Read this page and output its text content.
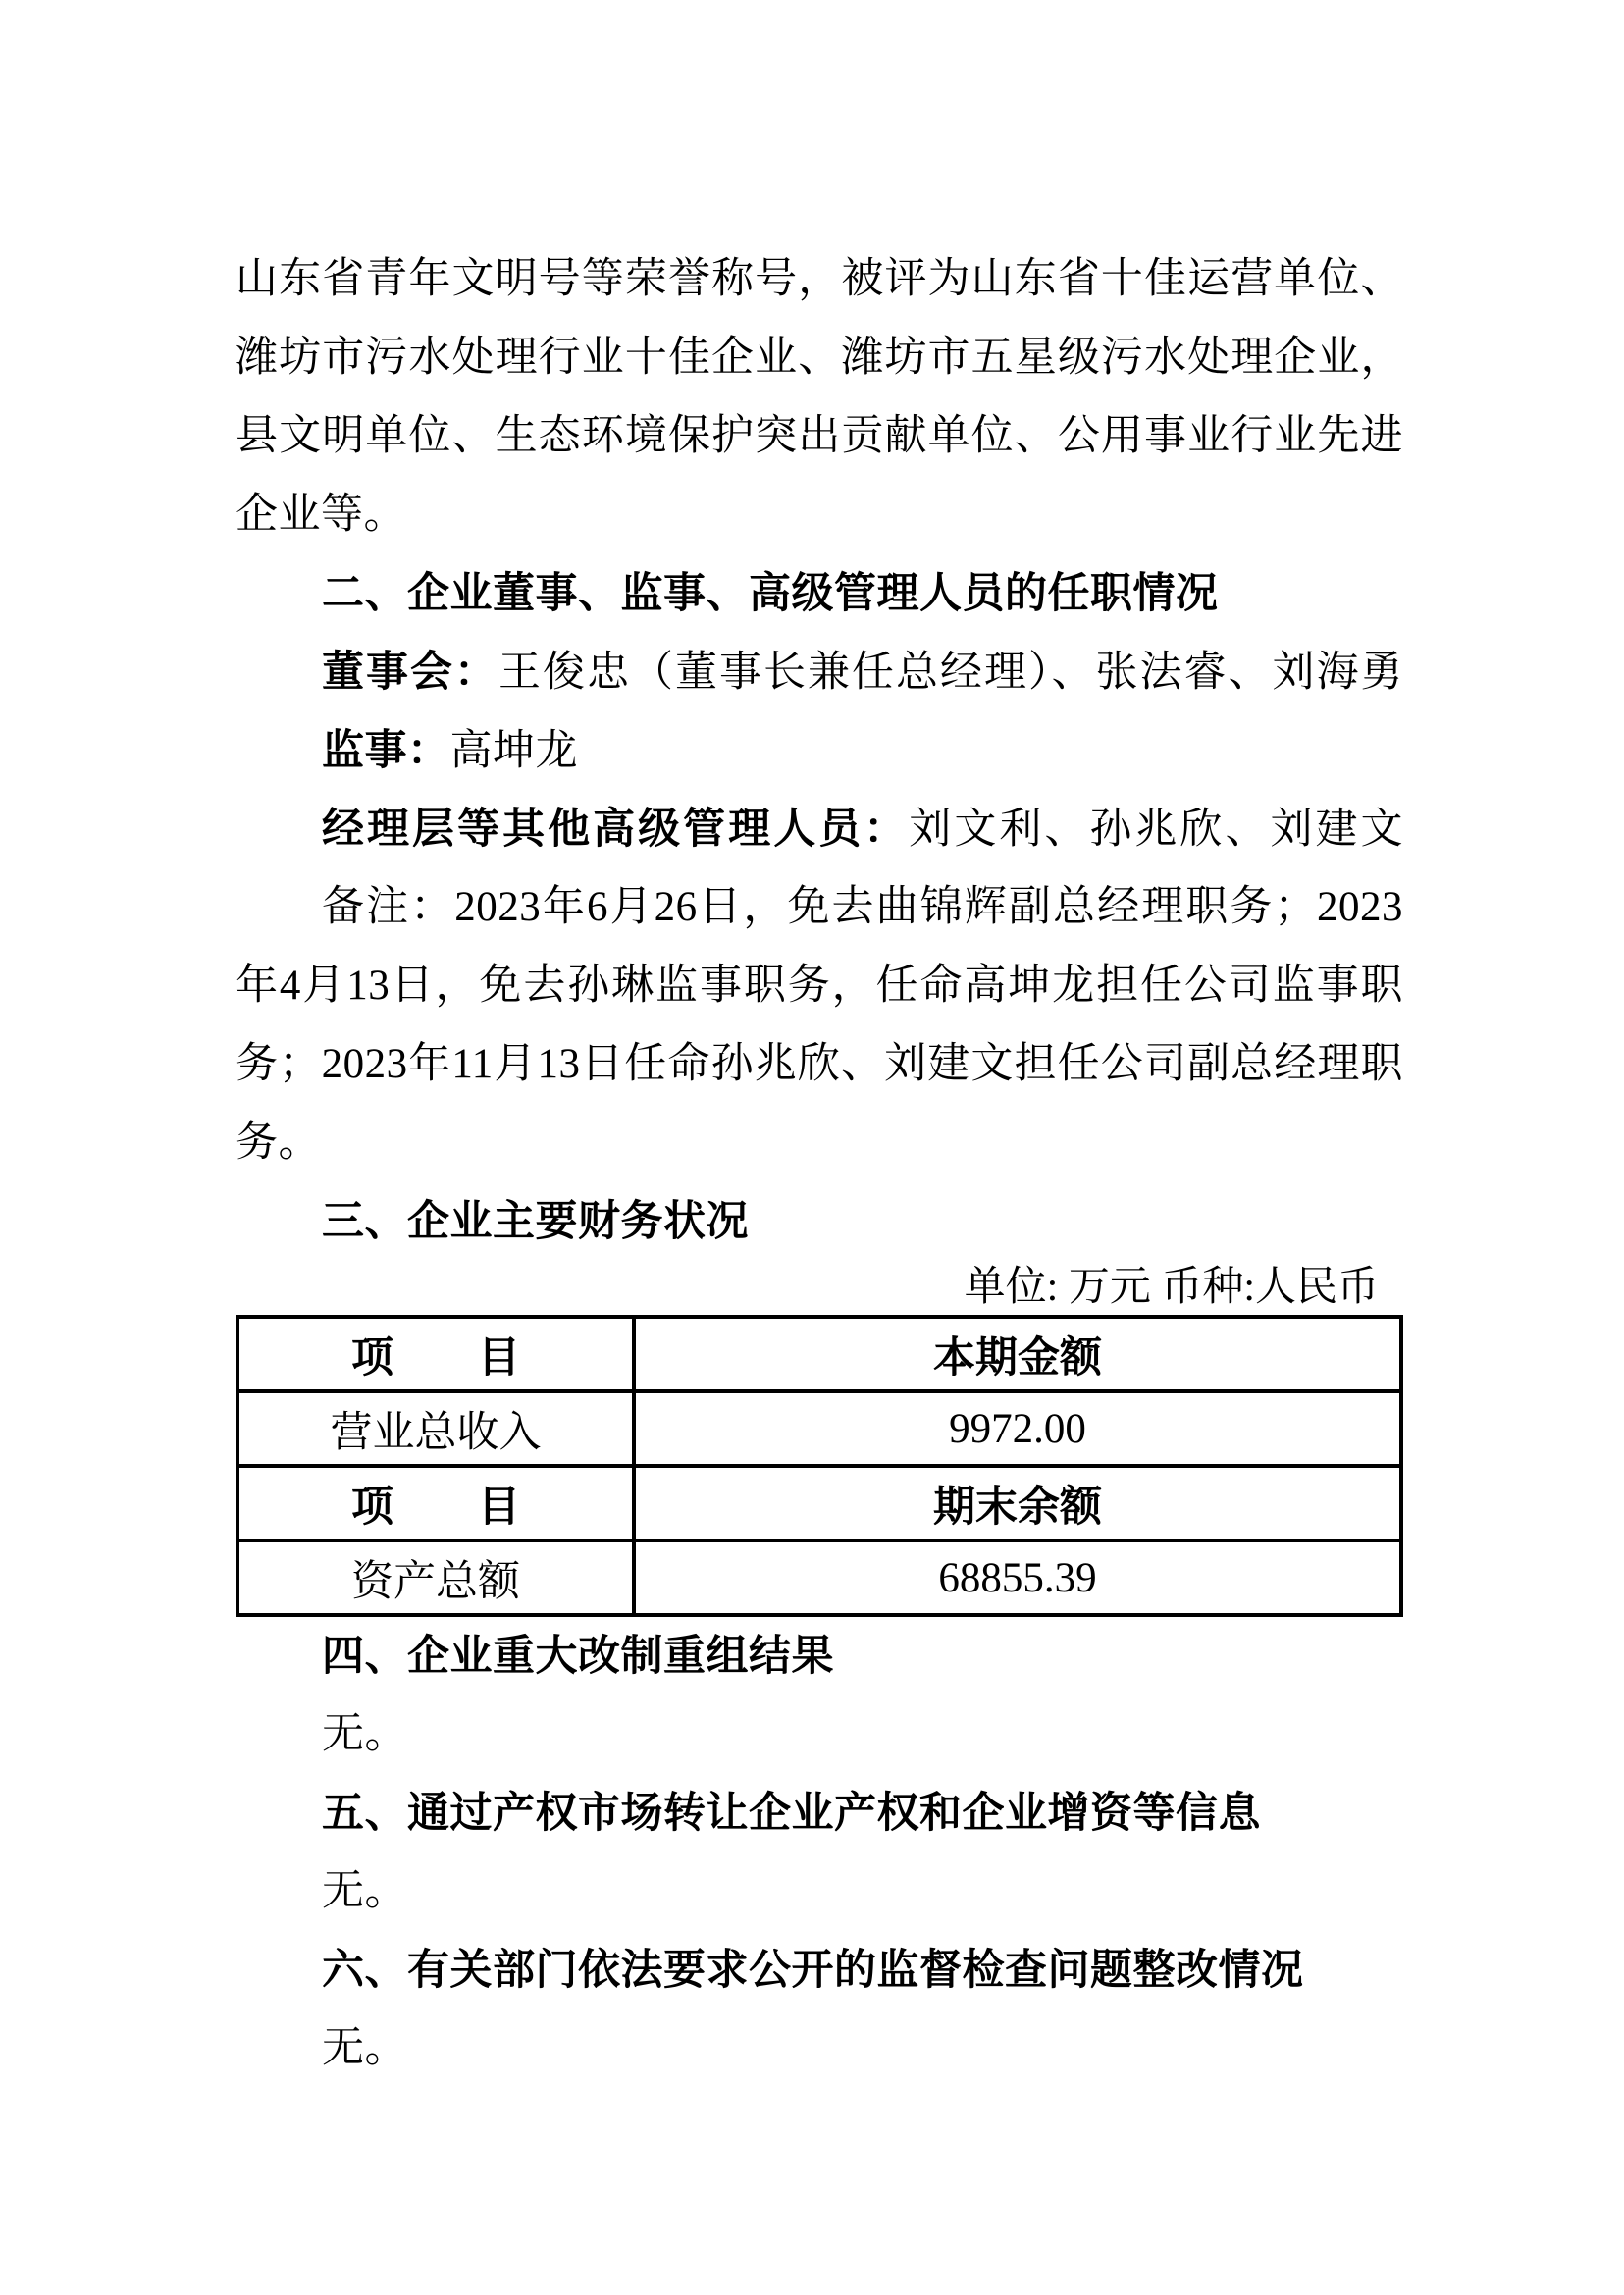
山东省青年文明号等荣誉称号，被评为山东省十佳运营单位、
潍坊市污水处理行业十佳企业、潍坊市五星级污水处理企业，
县文明单位、生态环境保护突出贡献单位、公用事业行业先进
企业等。
二、企业董事、监事、高级管理人员的任职情况
董事会：王俊忠（董事长兼任总经理）、张法睿、刘海勇
监事：高坤龙
经理层等其他高级管理人员：刘文利、孙兆欣、刘建文
备注：2023年6月26日，免去曲锦辉副总经理职务；2023
年4月13日，免去孙琳监事职务，任命高坤龙担任公司监事职
务；2023年11月13日任命孙兆欣、刘建文担任公司副总经理职
务。
三、企业主要财务状况
单位: 万元 币种:人民币
项　　目	本期金额
营业总收入	9972.00
项　　目	期末余额
资产总额	68855.39
四、企业重大改制重组结果
无。
五、通过产权市场转让企业产权和企业增资等信息
无。
六、有关部门依法要求公开的监督检查问题整改情况
无。
